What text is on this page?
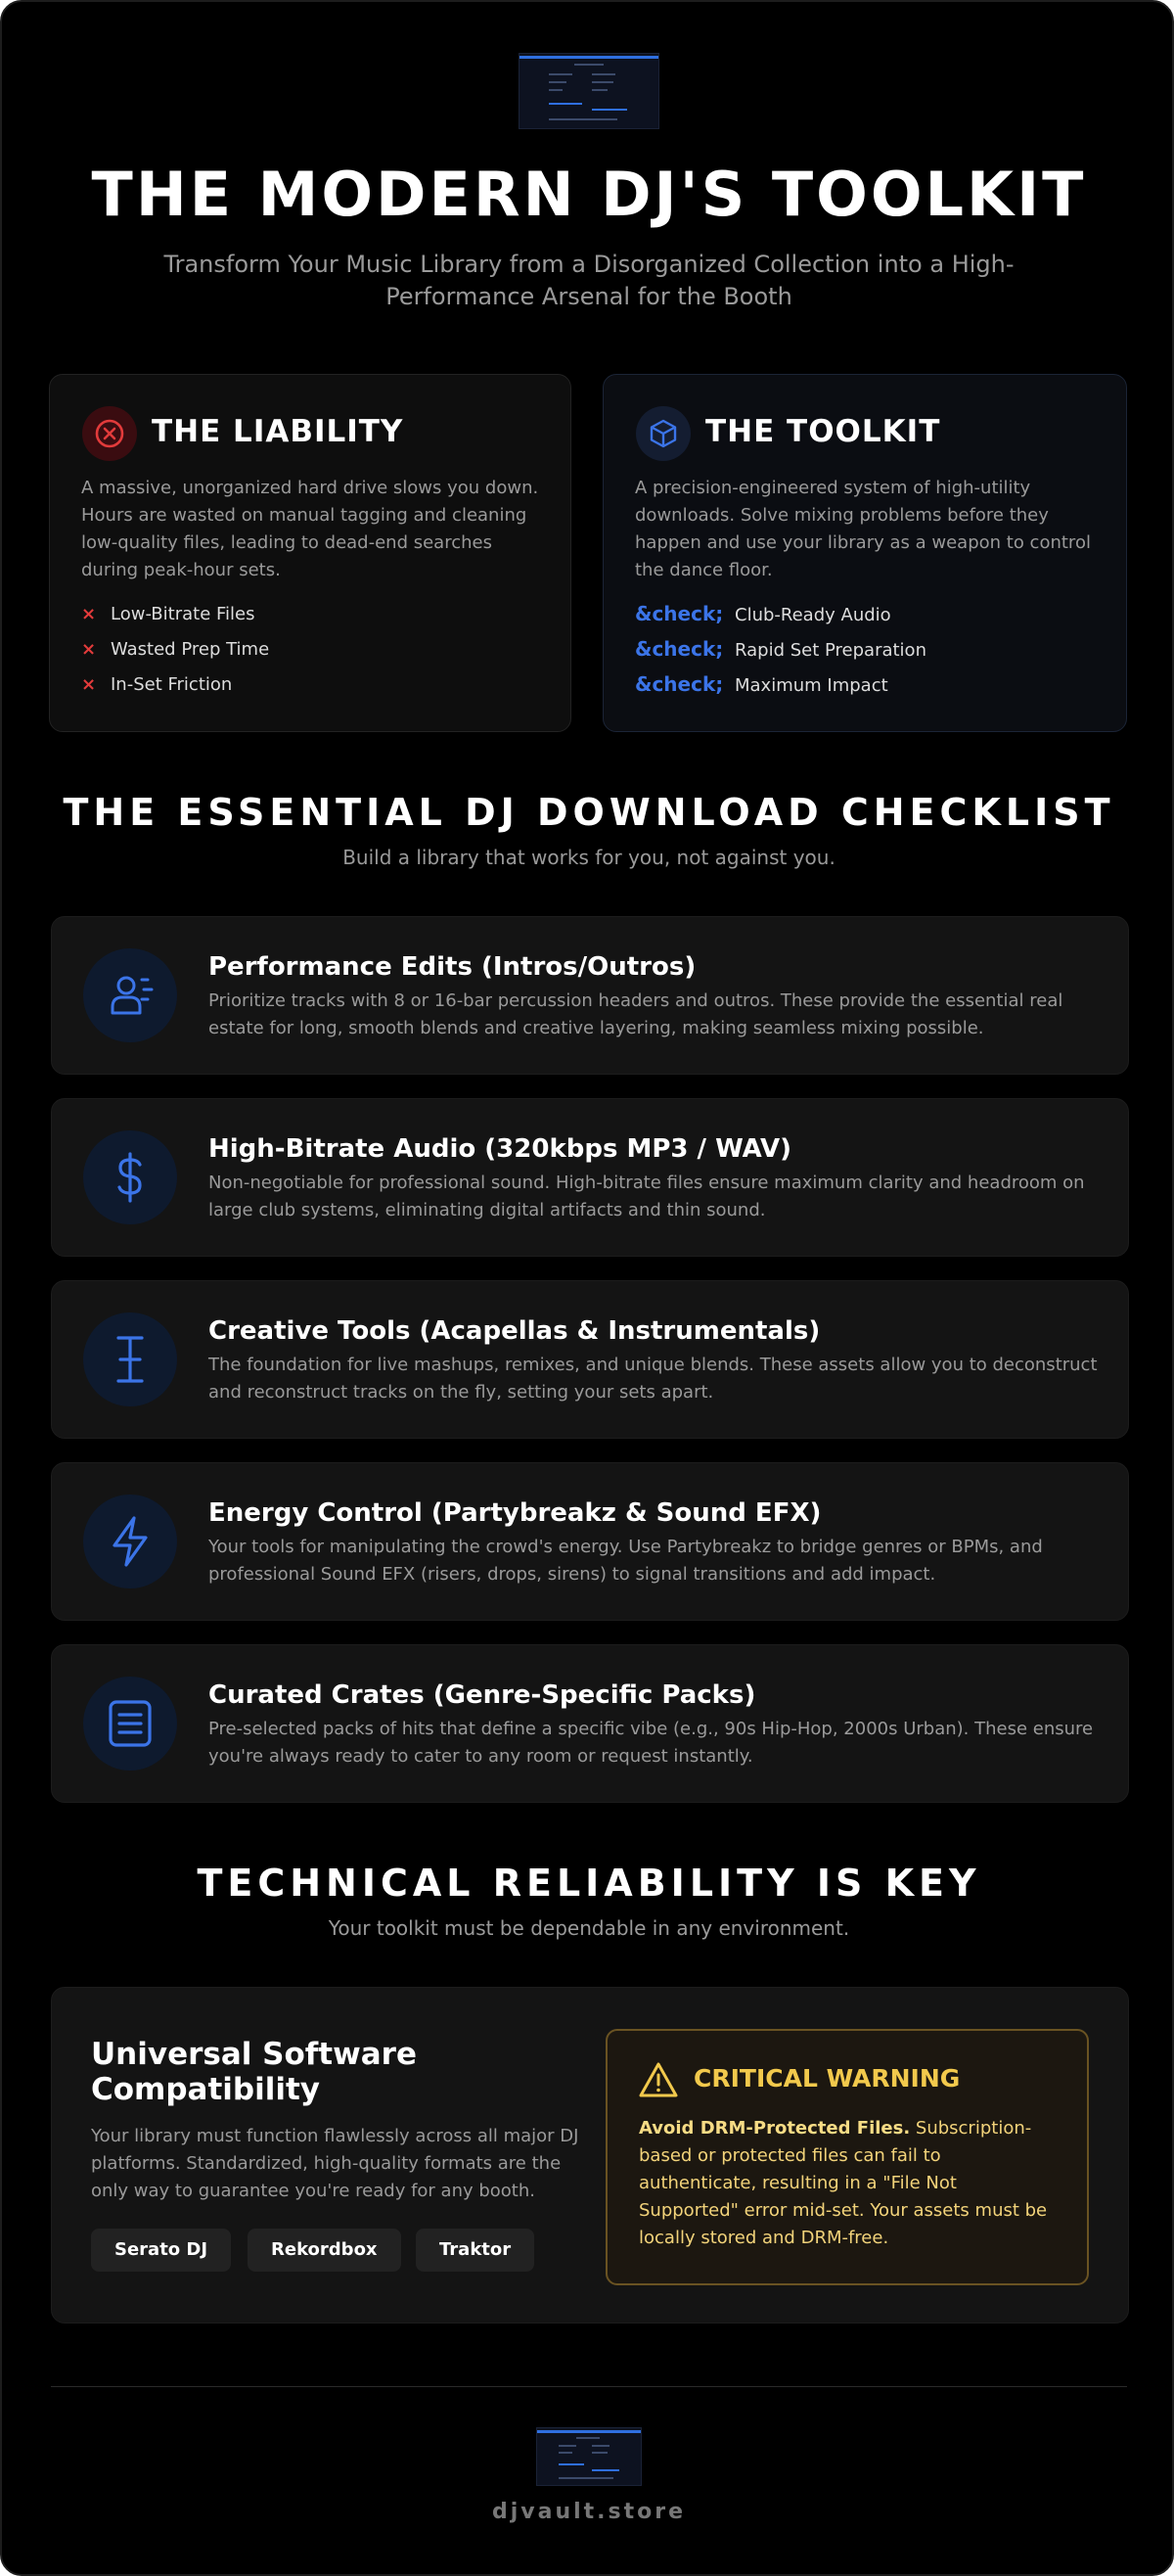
THE MODERN DJ'S TOOLKIT
Transform Your Music Library from a Disorganized Collection into a High-Performance Arsenal for the Booth
THE LIABILITY
A massive, unorganized hard drive slows you down. Hours are wasted on manual tagging and cleaning low-quality files, leading to dead-end searches during peak-hour sets.
× Low-Bitrate Files
× Wasted Prep Time
× In-Set Friction
THE TOOLKIT
A precision-engineered system of high-utility downloads. Solve mixing problems before they happen and use your library as a weapon to control the dance floor.
&check; Club-Ready Audio
&check; Rapid Set Preparation
&check; Maximum Impact
THE ESSENTIAL DJ DOWNLOAD CHECKLIST
Build a library that works for you, not against you.
Performance Edits (Intros/Outros)
Prioritize tracks with 8 or 16-bar percussion headers and outros. These provide the essential real estate for long, smooth blends and creative layering, making seamless mixing possible.
High-Bitrate Audio (320kbps MP3 / WAV)
Non-negotiable for professional sound. High-bitrate files ensure maximum clarity and headroom on large club systems, eliminating digital artifacts and thin sound.
Creative Tools (Acapellas & Instrumentals)
The foundation for live mashups, remixes, and unique blends. These assets allow you to deconstruct and reconstruct tracks on the fly, setting your sets apart.
Energy Control (Partybreakz & Sound EFX)
Your tools for manipulating the crowd's energy. Use Partybreakz to bridge genres or BPMs, and professional Sound EFX (risers, drops, sirens) to signal transitions and add impact.
Curated Crates (Genre-Specific Packs)
Pre-selected packs of hits that define a specific vibe (e.g., 90s Hip-Hop, 2000s Urban). These ensure you're always ready to cater to any room or request instantly.
TECHNICAL RELIABILITY IS KEY
Your toolkit must be dependable in any environment.
Universal Software Compatibility
Your library must function flawlessly across all major DJ platforms. Standardized, high-quality formats are the only way to guarantee you're ready for any booth.
Serato DJ	Rekordbox	Traktor
CRITICAL WARNING
Avoid DRM-Protected Files. Subscription-based or protected files can fail to authenticate, resulting in a "File Not Supported" error mid-set. Your assets must be locally stored and DRM-free.
djvault.store
